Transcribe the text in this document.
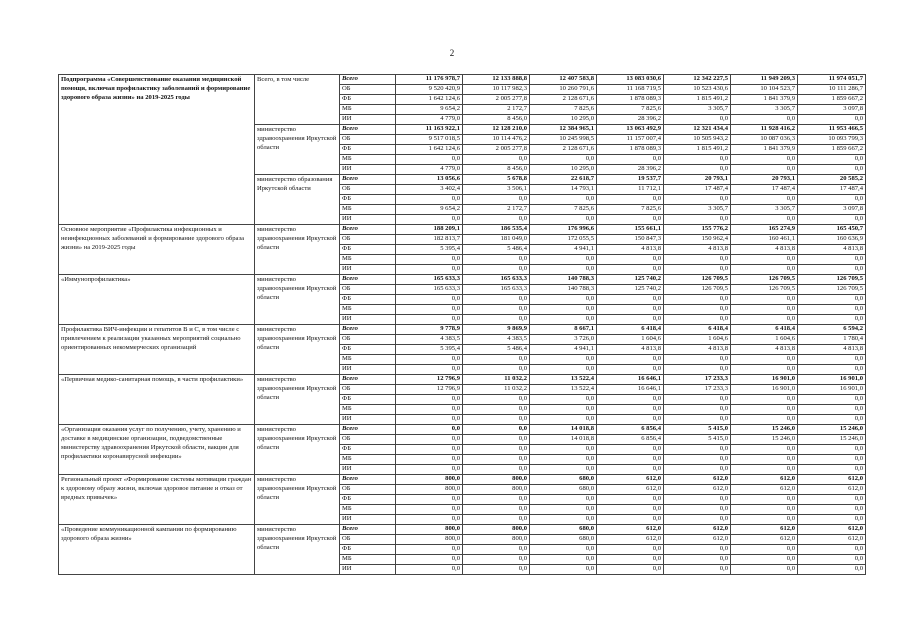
2
Подпрограмма «Совершенствование оказания медицинской помощи, включая профилактику заболеваний и формирование здорового образа жизни» на 2019-2025 годы	Всего, в том числе	Всего	11 176 978,7	12 133 888,8	12 407 583,8	13 083 030,6	12 342 227,5	11 949 209,3	11 974 051,7
		ОБ	9 520 420,9	10 117 982,3	10 260 791,6	11 168 719,5	10 523 430,6	10 104 523,7	10 111 286,7
		ФБ	1 642 124,6	2 005 277,8	2 128 671,6	1 878 089,3	1 815 491,2	1 841 379,9	1 859 667,2
		МБ	9 654,2	2 172,7	7 825,6	7 825,6	3 305,7	3 305,7	3 097,8
		ИИ	4 779,0	8 456,0	10 295,0	28 396,2	0,0	0,0	0,0
	министерство здравоохранения Иркутской области	Всего	11 163 922,1	12 128 210,0	12 384 965,1	13 063 492,9	12 321 434,4	11 928 416,2	11 953 466,5
		ОБ	9 517 018,5	10 114 476,2	10 245 998,5	11 157 007,4	10 505 943,2	10 087 036,3	10 093 799,3
		ФБ	1 642 124,6	2 005 277,8	2 128 671,6	1 878 089,3	1 815 491,2	1 841 379,9	1 859 667,2
		МБ	0,0	0,0	0,0	0,0	0,0	0,0	0,0
		ИИ	4 779,0	8 456,0	10 295,0	28 396,2	0,0	0,0	0,0
	министерство образования Иркутской области	Всего	13 056,6	5 678,8	22 618,7	19 537,7	20 793,1	20 793,1	20 585,2
		ОБ	3 402,4	3 506,1	14 793,1	11 712,1	17 487,4	17 487,4	17 487,4
		ФБ	0,0	0,0	0,0	0,0	0,0	0,0	0,0
		МБ	9 654,2	2 172,7	7 825,6	7 825,6	3 305,7	3 305,7	3 097,8
		ИИ	0,0	0,0	0,0	0,0	0,0	0,0	0,0
Основное мероприятие «Профилактика инфекционных и неинфекционных заболеваний и формирование здорового образа жизни» на 2019-2025 годы	министерство здравоохранения Иркутской области	Всего	188 209,1	186 535,4	176 996,6	155 661,1	155 776,2	165 274,9	165 450,7
		ОБ	182 813,7	181 049,0	172 055,5	150 847,3	150 962,4	160 461,1	160 636,9
		ФБ	5 395,4	5 486,4	4 941,1	4 813,8	4 813,8	4 813,8	4 813,8
		МБ	0,0	0,0	0,0	0,0	0,0	0,0	0,0
		ИИ	0,0	0,0	0,0	0,0	0,0	0,0	0,0
«Иммунопрофилактика»	министерство здравоохранения Иркутской области	Всего	165 633,3	165 633,3	140 788,3	125 740,2	126 709,5	126 709,5	126 709,5
		ОБ	165 633,3	165 633,3	140 788,3	125 740,2	126 709,5	126 709,5	126 709,5
		ФБ	0,0	0,0	0,0	0,0	0,0	0,0	0,0
		МБ	0,0	0,0	0,0	0,0	0,0	0,0	0,0
		ИИ	0,0	0,0	0,0	0,0	0,0	0,0	0,0
Профилактика ВИЧ-инфекции и гепатитов В и С, в том числе с привлечением к реализации указанных мероприятий социально ориентированных некоммерческих организаций	министерство здравоохранения Иркутской области	Всего	9 778,9	9 869,9	8 667,1	6 418,4	6 418,4	6 418,4	6 594,2
		ОБ	4 383,5	4 383,5	3 726,0	1 604,6	1 604,6	1 604,6	1 780,4
		ФБ	5 395,4	5 486,4	4 941,1	4 813,8	4 813,8	4 813,8	4 813,8
		МБ	0,0	0,0	0,0	0,0	0,0	0,0	0,0
		ИИ	0,0	0,0	0,0	0,0	0,0	0,0	0,0
«Первичная медико-санитарная помощь, в части профилактики»	министерство здравоохранения Иркутской области	Всего	12 796,9	11 032,2	13 522,4	16 646,1	17 233,3	16 901,0	16 901,0
		ОБ	12 796,9	11 032,2	13 522,4	16 646,1	17 233,3	16 901,0	16 901,0
		ФБ	0,0	0,0	0,0	0,0	0,0	0,0	0,0
		МБ	0,0	0,0	0,0	0,0	0,0	0,0	0,0
		ИИ	0,0	0,0	0,0	0,0	0,0	0,0	0,0
«Организация оказания услуг по получению, учету, хранению и доставке в медицинские организации, подведомственные министерству здравоохранения Иркутской области, вакцин для профилактики коронавирусной инфекции»	министерство здравоохранения Иркутской области	Всего	0,0	0,0	14 018,8	6 856,4	5 415,0	15 246,0	15 246,0
		ОБ	0,0	0,0	14 018,8	6 856,4	5 415,0	15 246,0	15 246,0
		ФБ	0,0	0,0	0,0	0,0	0,0	0,0	0,0
		МБ	0,0	0,0	0,0	0,0	0,0	0,0	0,0
		ИИ	0,0	0,0	0,0	0,0	0,0	0,0	0,0
Региональный проект «Формирование системы мотивации граждан к здоровому образу жизни, включая здоровое питание и отказ от вредных привычек»	министерство здравоохранения Иркутской области	Всего	800,0	800,0	680,0	612,0	612,0	612,0	612,0
		ОБ	800,0	800,0	680,0	612,0	612,0	612,0	612,0
		ФБ	0,0	0,0	0,0	0,0	0,0	0,0	0,0
		МБ	0,0	0,0	0,0	0,0	0,0	0,0	0,0
		ИИ	0,0	0,0	0,0	0,0	0,0	0,0	0,0
«Проведение коммуникационной кампании по формированию здорового образа жизни»	министерство здравоохранения Иркутской области	Всего	800,0	800,0	680,0	612,0	612,0	612,0	612,0
		ОБ	800,0	800,0	680,0	612,0	612,0	612,0	612,0
		ФБ	0,0	0,0	0,0	0,0	0,0	0,0	0,0
		МБ	0,0	0,0	0,0	0,0	0,0	0,0	0,0
		ИИ	0,0	0,0	0,0	0,0	0,0	0,0	0,0
